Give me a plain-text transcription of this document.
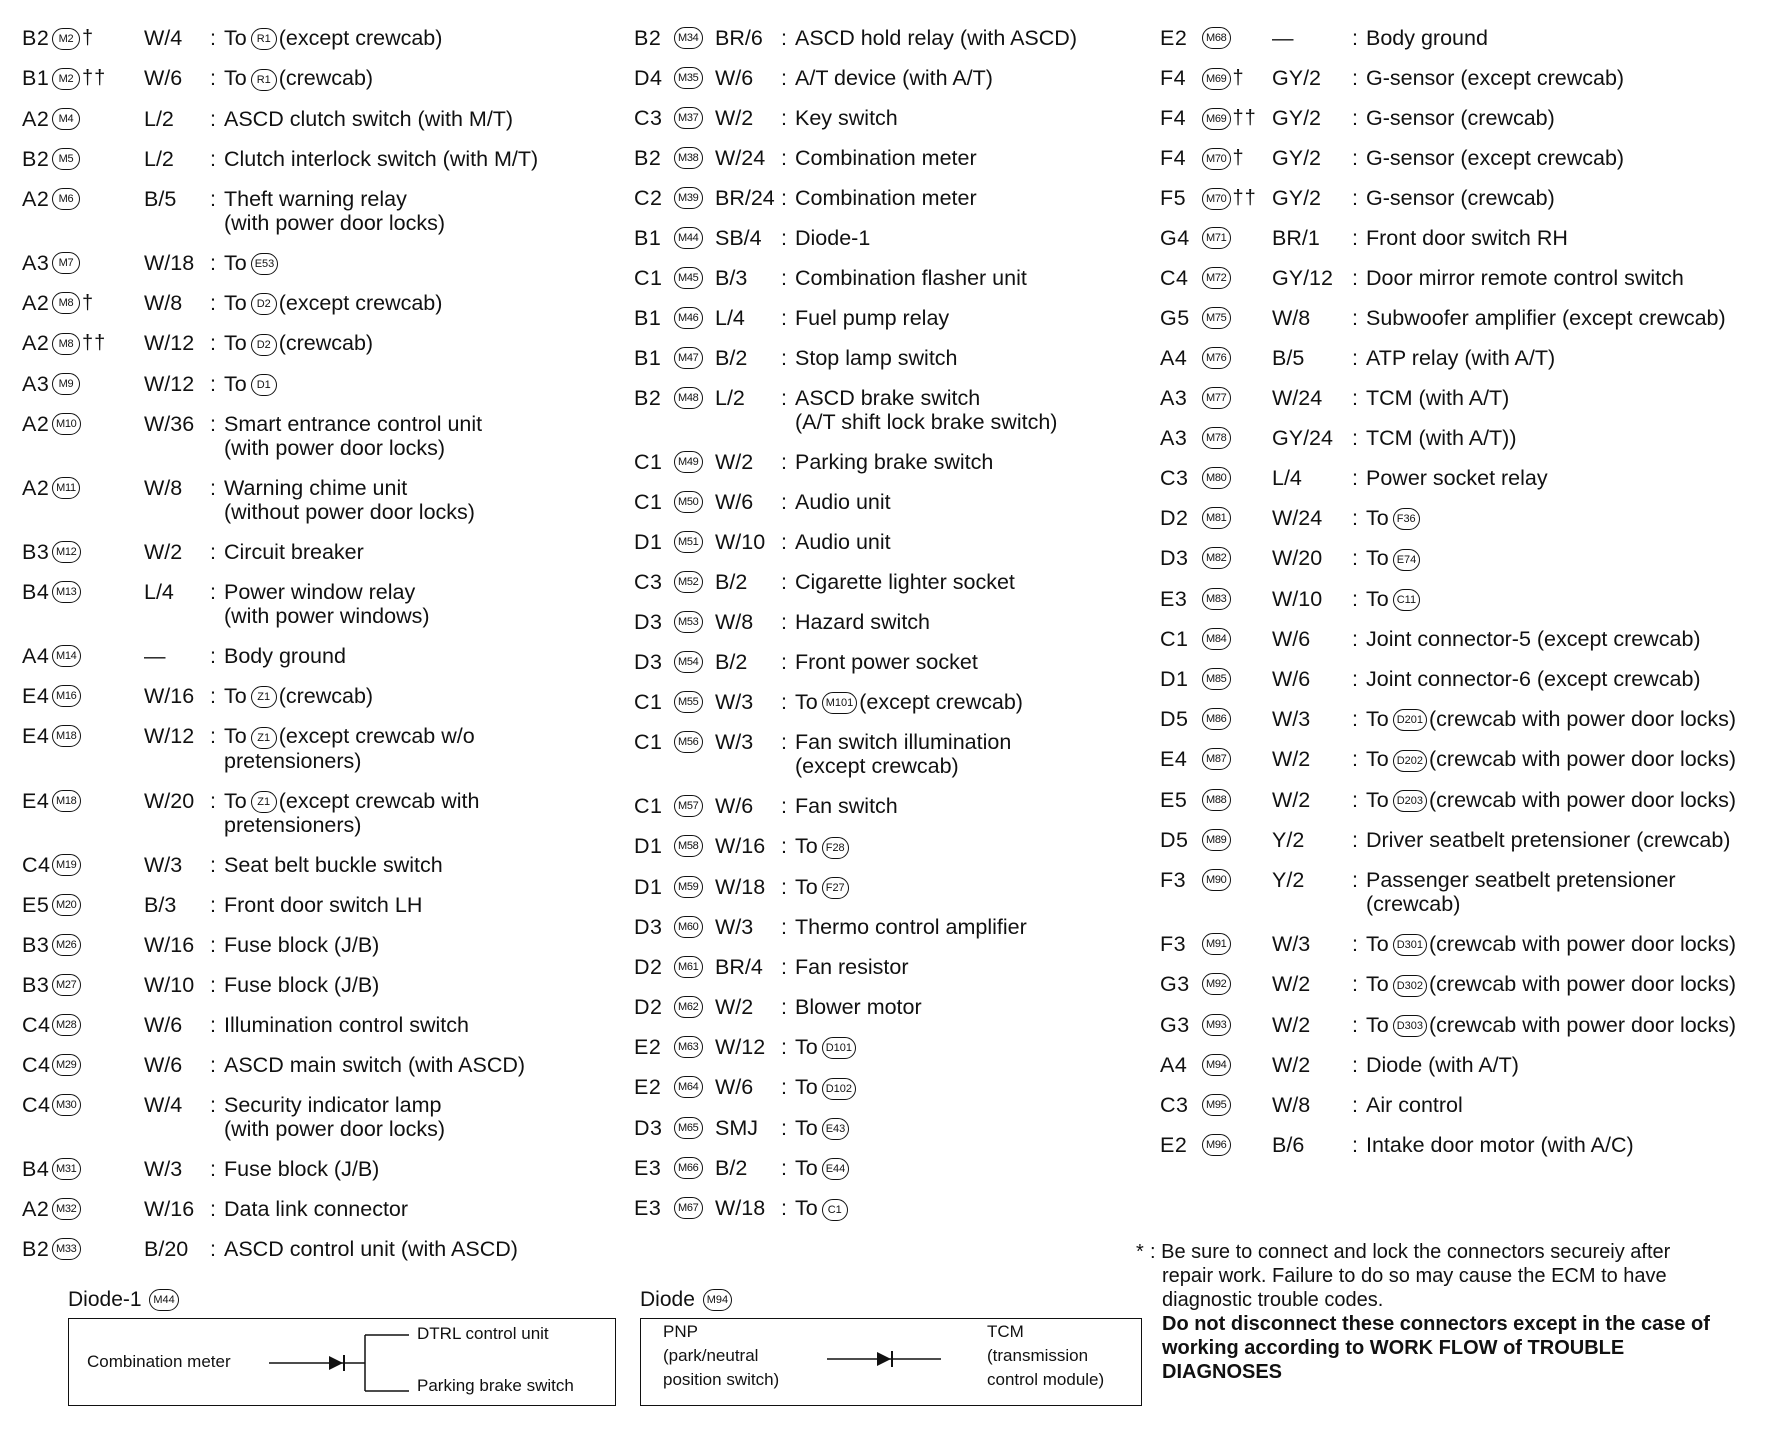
B2 M2 † W/4	: To R1 (except crewcab)
B1 M2 †† W/6	: To R1 (crewcab)
A2 M4	L/2	: ASCD clutch switch (with M/T)
B2 M5	L/2	: Clutch interlock switch (with M/T)
A2 M6	B/5	: Theft warning relay
(with power door locks)
A3 M7	W/18 : To E53
A2 M8 † W/8	: To D2 (except crewcab)
A2 M8 †† W/12 : To D2 (crewcab)
A3 M9	W/12 : To D1
A2 M10	W/36 : Smart entrance control unit
(with power door locks)
A2 M11	W/8	: Warning chime unit
(without power door locks)
B3 M12	W/2	: Circuit breaker
B4 M13	L/4	: Power window relay
(with power windows)
A4 M14	—	: Body ground
E4 M16	W/16 : To Z1 (crewcab)
E4 M18	W/12 : To Z1 (except crewcab w/o
pretensioners)
E4 M18	W/20 : To Z1 (except crewcab with
pretensioners)
C4 M19	W/3	: Seat belt buckle switch
E5 M20	B/3	: Front door switch LH
B3 M26	W/16 : Fuse block (J/B)
B3 M27	W/10 : Fuse block (J/B)
C4 M28	W/6	: Illumination control switch
C4 M29	W/6	: ASCD main switch (with ASCD)
C4 M30	W/4	: Security indicator lamp
(with power door locks)
B4 M31	W/3	: Fuse block (J/B)
A2 M32	W/16 : Data link connector
B2 M33	B/20	: ASCD control unit (with ASCD)
B2	M34 BR/6 : ASCD hold relay (with ASCD)
D4	M35 W/6	: A/T device (with A/T)
C3	M37 W/2	: Key switch
B2	M38 W/24 : Combination meter
C2	M39 BR/24 : Combination meter
B1	M44 SB/4 : Diode-1
C1	M45 B/3	: Combination flasher unit
B1	M46 L/4	: Fuel pump relay
B1	M47 B/2	: Stop lamp switch
B2	M48 L/2	: ASCD brake switch
(A/T shift lock brake switch)
C1	M49 W/2	: Parking brake switch
C1	M50 W/6	: Audio unit
D1	M51 W/10 : Audio unit
C3	M52 B/2	: Cigarette lighter socket
D3	M53 W/8	: Hazard switch
D3	M54 B/2	: Front power socket
C1	M55 W/3	: To M101 (except crewcab)
C1	M56 W/3	: Fan switch illumination
(except crewcab)
C1	M57 W/6	: Fan switch
D1	M58 W/16 : To F28
D1	M59 W/18 : To F27
D3	M60 W/3	: Thermo control amplifier
D2	M61 BR/4 : Fan resistor
D2	M62 W/2	: Blower motor
E2	M63 W/12 : To D101
E2	M64 W/6	: To D102
D3	M65 SMJ	: To E43
E3	M66 B/2	: To E44
E3	M67 W/18 : To C1
E2	M68 —	: Body ground
F4	M69 † GY/2	: G-sensor (except crewcab)
F4	M69 †† GY/2	: G-sensor (crewcab)
F4	M70 † GY/2	: G-sensor (except crewcab)
F5	M70 †† GY/2	: G-sensor (crewcab)
G4	M71 BR/1	: Front door switch RH
C4	M72 GY/12 : Door mirror remote control switch
G5	M75 W/8	: Subwoofer amplifier (except crewcab)
A4	M76 B/5	: ATP relay (with A/T)
A3	M77 W/24	: TCM (with A/T)
A3	M78 GY/24 : TCM (with A/T))
C3	M80 L/4	: Power socket relay
D2	M81 W/24	: To F36
D3	M82 W/20	: To E74
E3	M83 W/10	: To C11
C1	M84 W/6	: Joint connector-5 (except crewcab)
D1	M85 W/6	: Joint connector-6 (except crewcab)
D5	M86 W/3	: To D201 (crewcab with power door locks)
E4	M87 W/2	: To D202 (crewcab with power door locks)
E5	M88 W/2	: To D203 (crewcab with power door locks)
D5	M89 Y/2	: Driver seatbelt pretensioner (crewcab)
F3	M90 Y/2	: Passenger seatbelt pretensioner
(crewcab)
F3	M91 W/3	: To D301 (crewcab with power door locks)
G3	M92 W/2	: To D302 (crewcab with power door locks)
G3	M93 W/2	: To D303 (crewcab with power door locks)
A4	M94 W/2	: Diode (with A/T)
C3	M95 W/8	: Air control
E2	M96 B/6	: Intake door motor (with A/C)
Diode-1 M44
Combination meter
DTRL control unit
Parking brake switch
Diode M94
PNP
(park/neutral
position switch)
TCM
(transmission
control module)
* : Be sure to connect and lock the connectors secureiy after
repair work. Failure to do so may cause the ECM to have
diagnostic trouble codes.
Do not disconnect these connectors except in the case of
working according to WORK FLOW of TROUBLE
DIAGNOSES
